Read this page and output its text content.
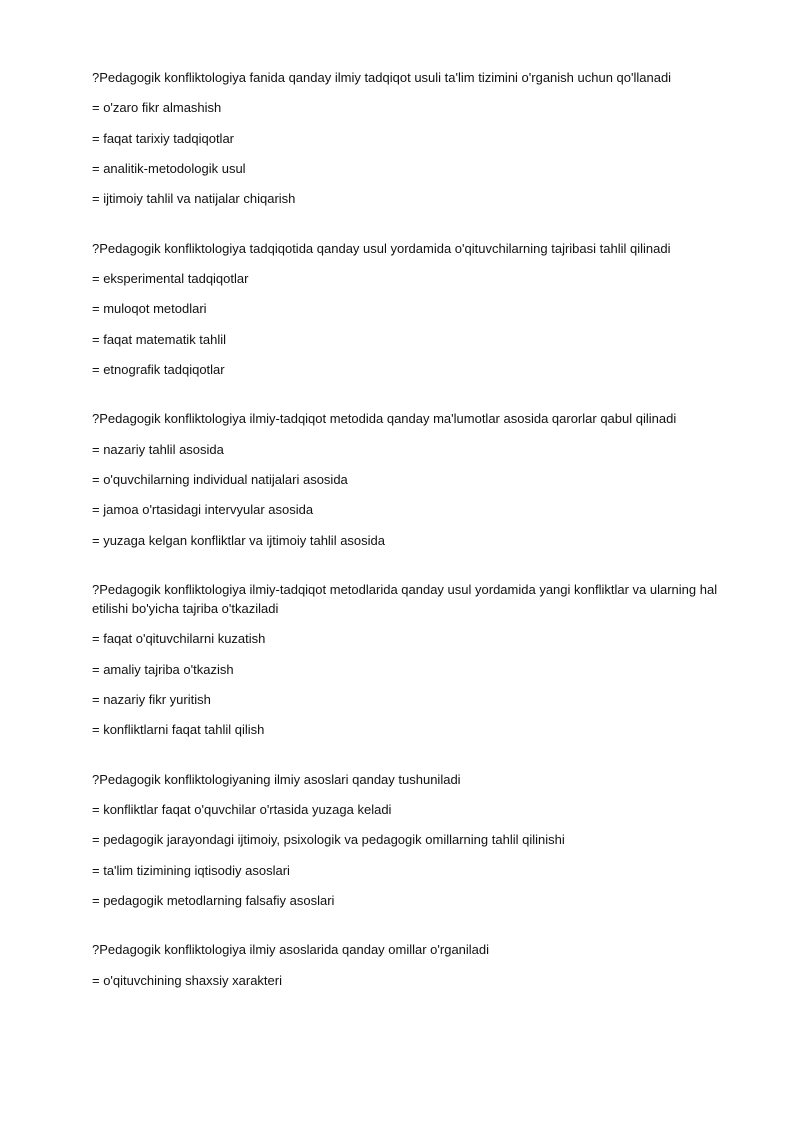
?Pedagogik konfliktologiya fanida qanday ilmiy tadqiqot usuli ta'lim tizimini o'rganish uchun qo'llanadi
= o'zaro fikr almashish
= faqat tarixiy tadqiqotlar
= analitik-metodologik usul
= ijtimoiy tahlil va natijalar chiqarish
?Pedagogik konfliktologiya tadqiqotida qanday usul yordamida o'qituvchilarning tajribasi tahlil qilinadi
= eksperimental tadqiqotlar
= muloqot metodlari
= faqat matematik tahlil
= etnografik tadqiqotlar
?Pedagogik konfliktologiya ilmiy-tadqiqot metodida qanday ma'lumotlar asosida qarorlar qabul qilinadi
= nazariy tahlil asosida
= o'quvchilarning individual natijalari asosida
= jamoa o'rtasidagi intervyular asosida
= yuzaga kelgan konfliktlar va ijtimoiy tahlil asosida
?Pedagogik konfliktologiya ilmiy-tadqiqot metodlarida qanday usul yordamida yangi konfliktlar va ularning hal etilishi bo'yicha tajriba o'tkaziladi
= faqat o'qituvchilarni kuzatish
= amaliy tajriba o'tkazish
= nazariy fikr yuritish
= konfliktlarni faqat tahlil qilish
?Pedagogik konfliktologiyaning ilmiy asoslari qanday tushuniladi
= konfliktlar faqat o'quvchilar o'rtasida yuzaga keladi
= pedagogik jarayondagi ijtimoiy, psixologik va pedagogik omillarning tahlil qilinishi
= ta'lim tizimining iqtisodiy asoslari
= pedagogik metodlarning falsafiy asoslari
?Pedagogik konfliktologiya ilmiy asoslarida qanday omillar o'rganiladi
= o'qituvchining shaxsiy xarakteri
